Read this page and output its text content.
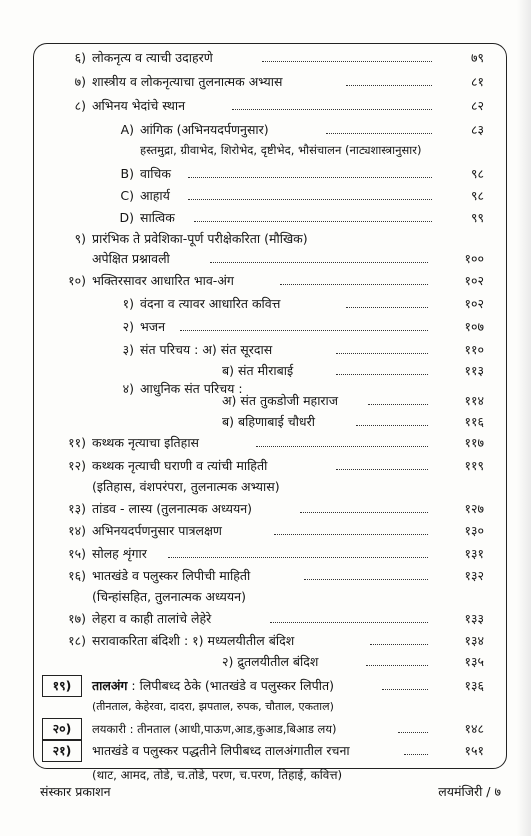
६) लोकनृत्य व त्याची उदाहरणे	७९
७) शास्त्रीय व लोकनृत्याचा तुलनात्मक अभ्यास	८१
८) अभिनय भेदांचे स्थान	८२
A) आंगिक (अभिनयदर्पणनुसार)	८३
हस्तमुद्रा, ग्रीवाभेद, शिरोभेद, दृष्टीभेद, भौसंचालन (नाट्यशास्त्रानुसार)
B) वाचिक	९८
C) आहार्य	९८
D) सात्विक	९९
९) प्रारंभिक ते प्रवेशिका-पूर्ण परीक्षेकरिता (मौखिक)
अपेक्षित प्रश्नावली	१००
१०) भक्तिरसावर आधारित भाव-अंग	१०२
१) वंदना व त्यावर आधारित कवित्त	१०२
२) भजन	१०७
३) संत परिचय : अ) संत सूरदास	११०
ब) संत मीराबाई	११३
४) आधुनिक संत परिचय :
अ) संत तुकडोजी महाराज	११४
ब) बहिणाबाई चौधरी	११६
११) कथ्थक नृत्याचा इतिहास	११७
१२) कथ्थक नृत्याची घराणी व त्यांची माहिती	११९
(इतिहास, वंशपरंपरा, तुलनात्मक अभ्यास)
१३) तांडव - लास्य (तुलनात्मक अध्ययन)	१२७
१४) अभिनयदर्पणनुसार पात्रलक्षण	१३०
१५) सोलह शृंगार	१३१
१६) भातखंडे व पलुस्कर लिपीची माहिती	१३२
(चिन्हांसहित, तुलनात्मक अध्ययन)
१७) लेहरा व काही तालांचे लेहेरे	१३३
१८) सरावाकरिता बंदिशी : १) मध्यलयीतील बंदिश	१३४
२) द्रुतलयीतील बंदिश	१३५
१९)	तालअंग : लिपीबध्द ठेके (भातखंडे व पलुस्कर लिपीत)	१३६
(तीनताल, केहेरवा, दादरा, झपताल, रुपक, चौताल, एकताल)
२०)	लयकारी : तीनताल (आधी,पाऊण,आड,कुआड,बिआड लय)	१४८
२१)	भातखंडे व पलुस्कर पद्धतीने लिपीबध्द तालअंगातील रचना	१५१
(थाट, आमद, तोडे, च.तोडे, परण, च.परण, तिहाई, कवित्त)
संस्कार प्रकाशन	लयमंजिरी / ७
